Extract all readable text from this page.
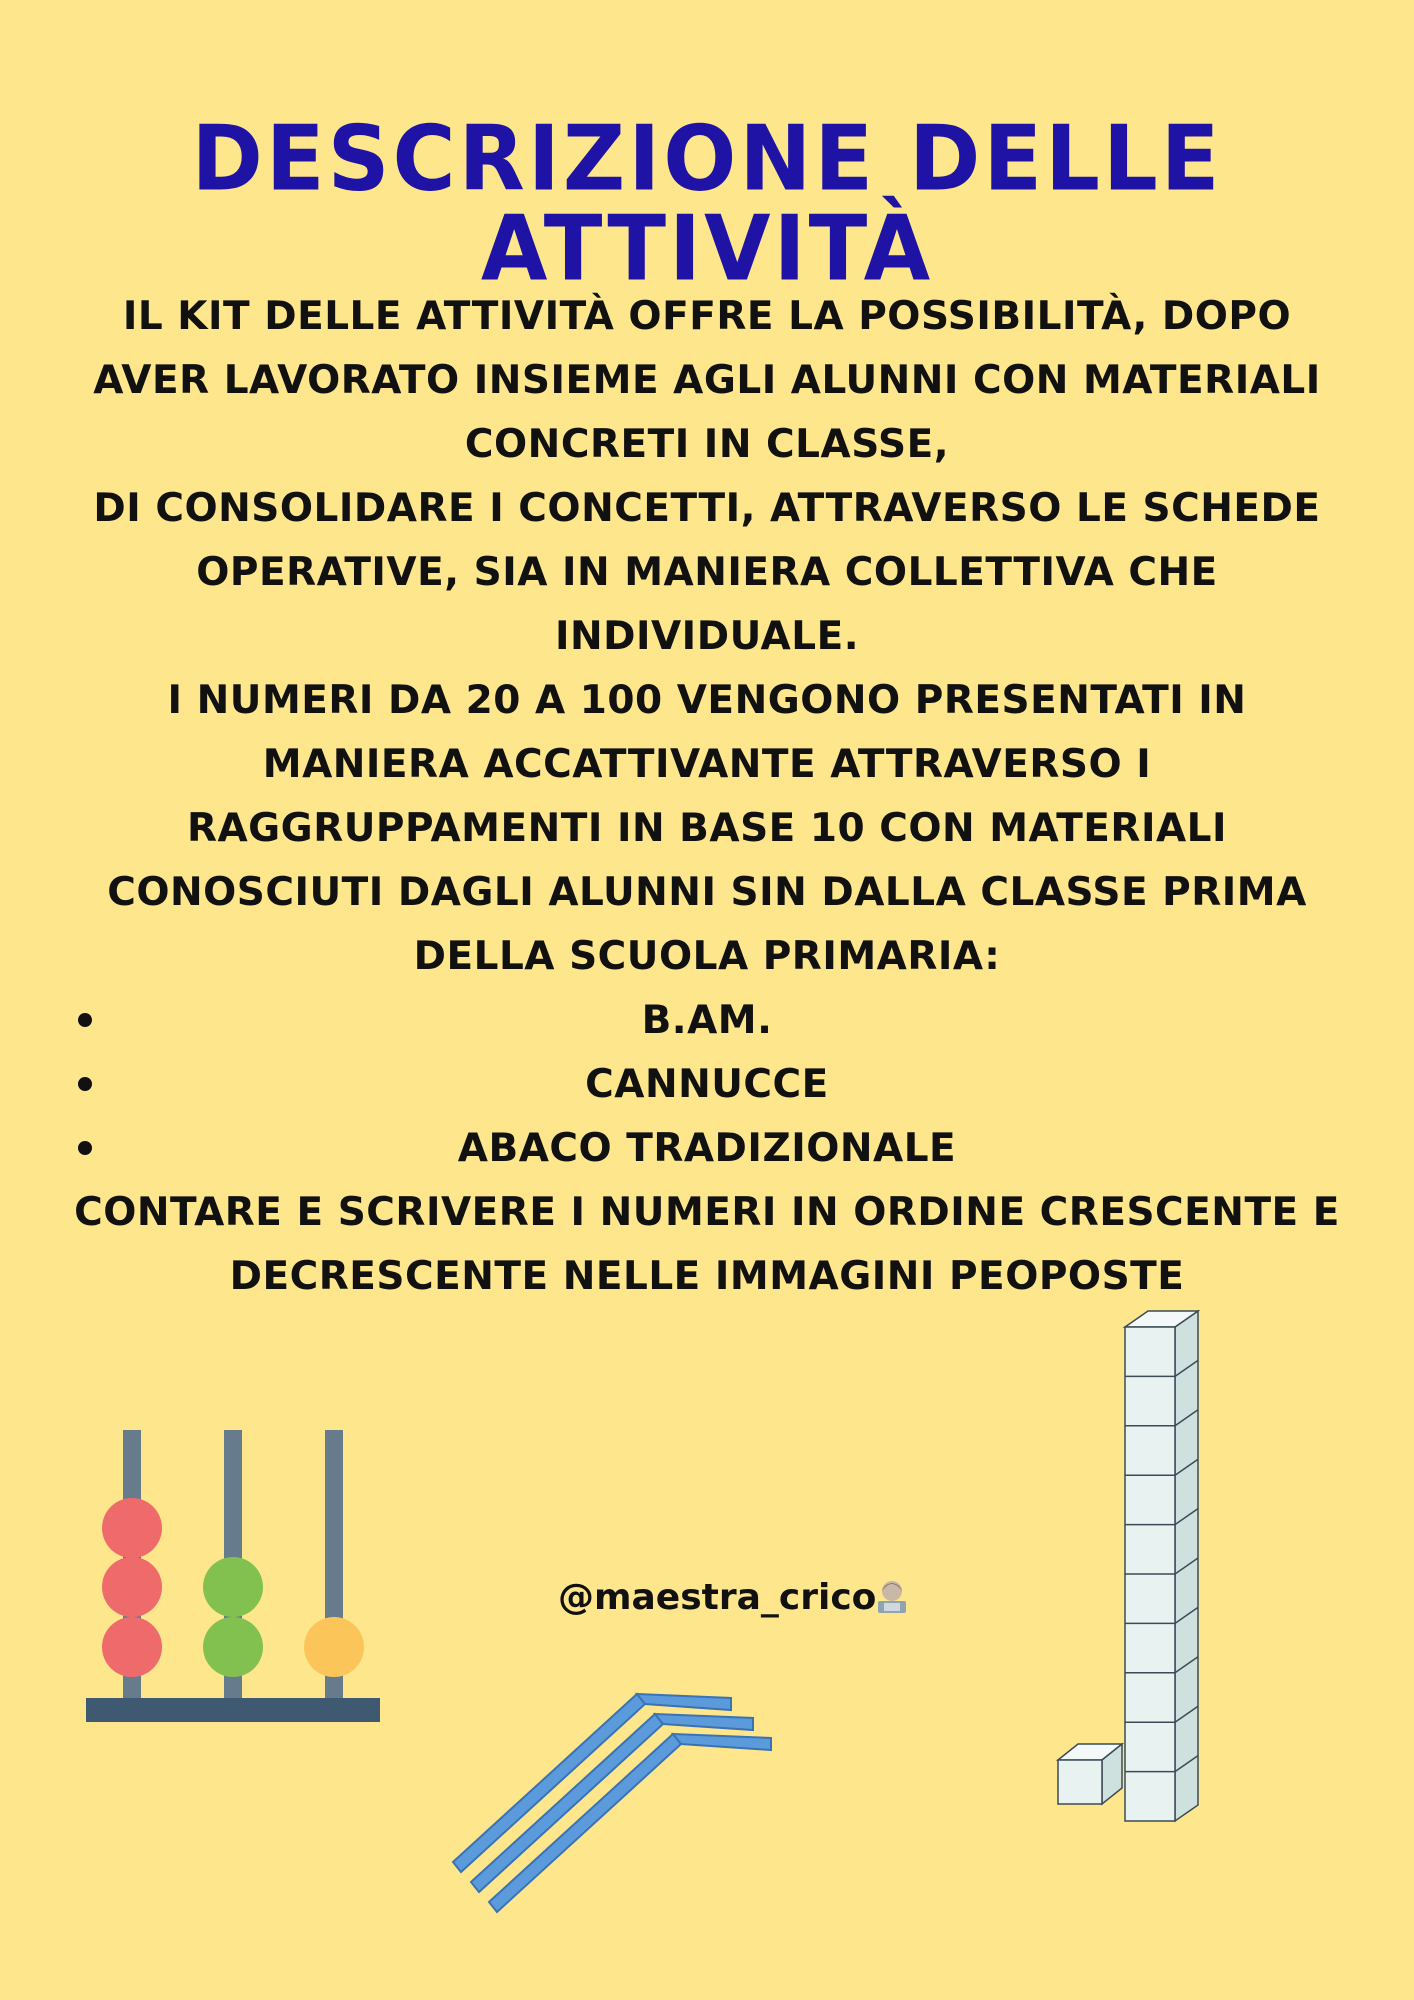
DESCRIZIONE DELLE ATTIVITÀ

IL KIT DELLE ATTIVITÀ OFFRE LA POSSIBILITÀ, DOPO

AVER LAVORATO INSIEME AGLI ALUNNI CON MATERIALI

CONCRETI IN CLASSE,

DI CONSOLIDARE I CONCETTI, ATTRAVERSO LE SCHEDE

OPERATIVE, SIA IN MANIERA COLLETTIVA CHE

INDIVIDUALE.

I NUMERI DA 20 A 100 VENGONO PRESENTATI IN

MANIERA ACCATTIVANTE ATTRAVERSO I

RAGGRUPPAMENTI IN BASE 10 CON MATERIALI

CONOSCIUTI DAGLI ALUNNI SIN DALLA CLASSE PRIMA

DELLA SCUOLA PRIMARIA:

B.AM.
CANNUCCE
ABACO TRADIZIONALE

CONTARE E SCRIVERE I NUMERI IN ORDINE CRESCENTE E

DECRESCENTE NELLE IMMAGINI PEOPOSTE

@maestra_crico
